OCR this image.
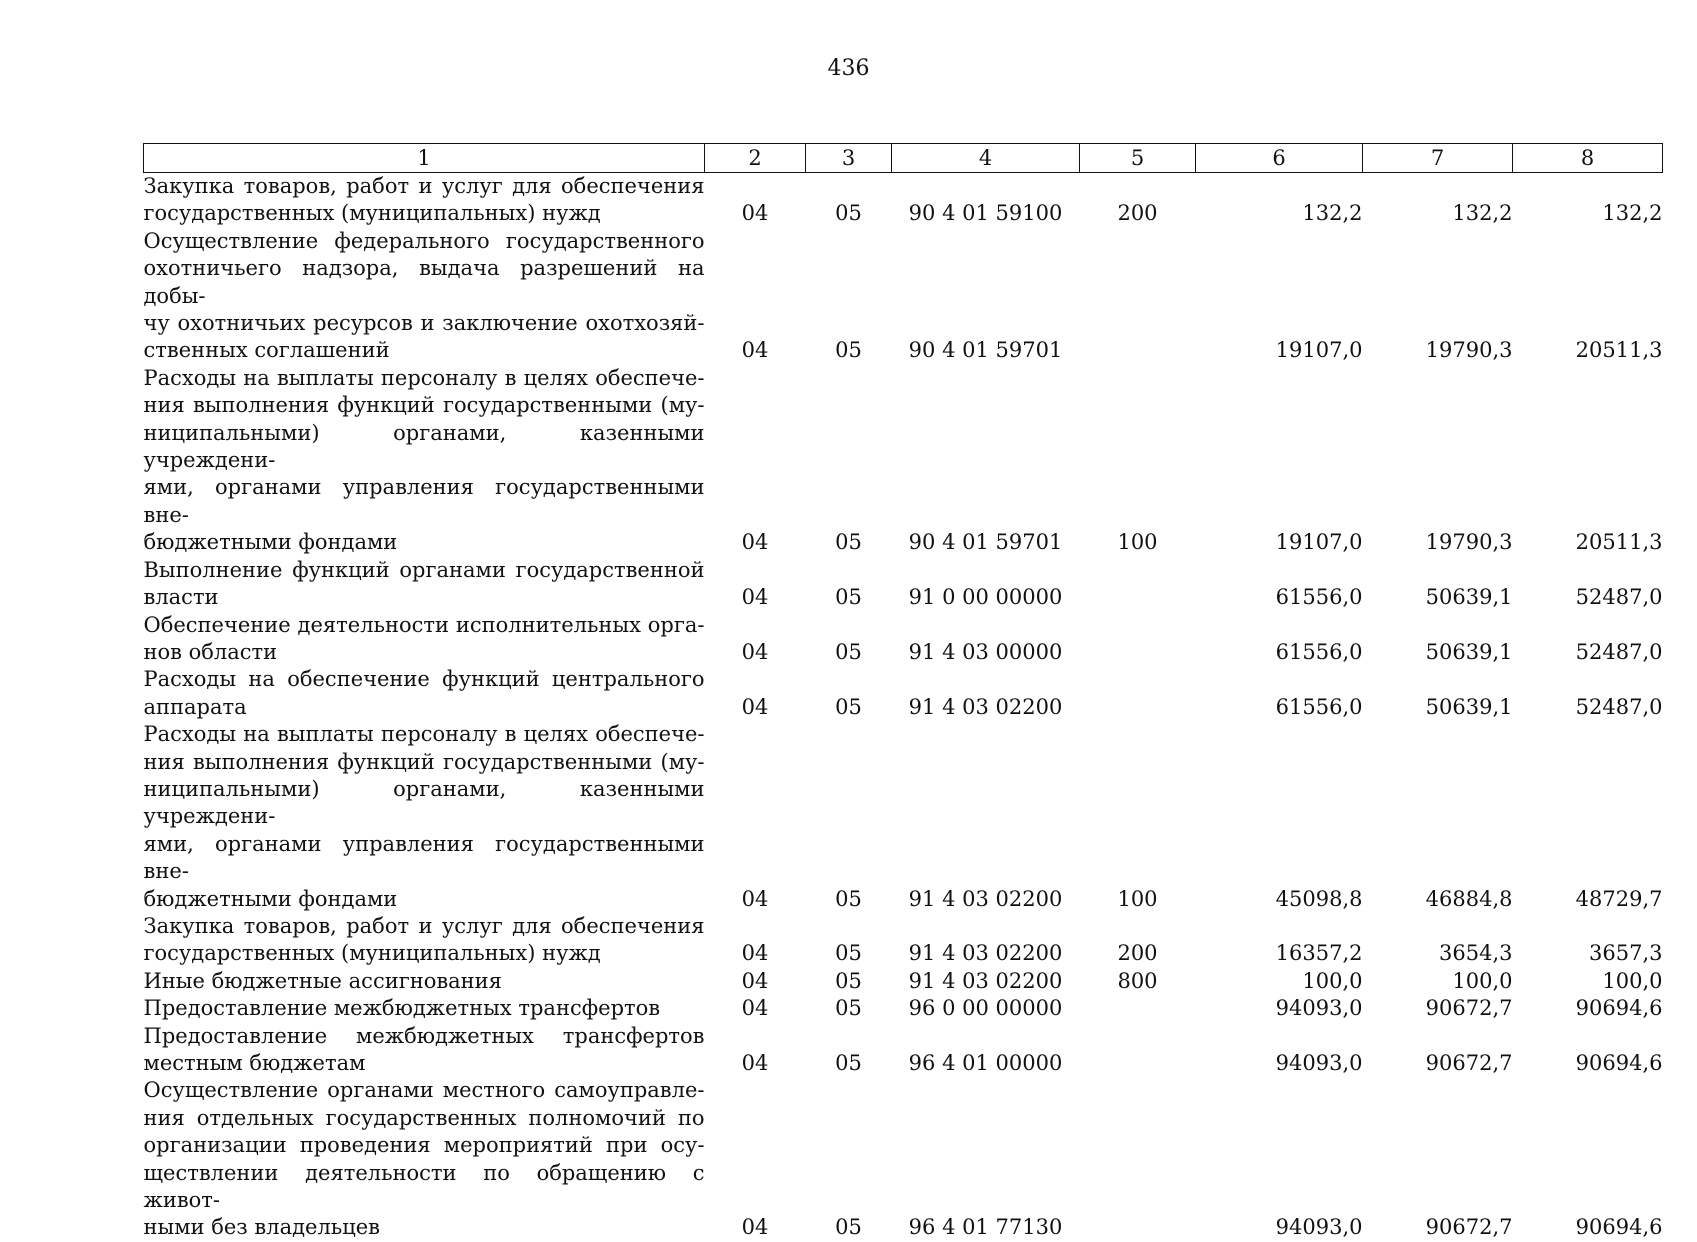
436
1	2	3	4	5	6	7	8

Закупка товаров, работ и услуг для обеспечения
государственных (муниципальных) нужд	04	05	90 4 01 59100	200	132,2	132,2	132,2

Осуществление федерального государственного
охотничьего надзора, выдача разрешений на добы-
чу охотничьих ресурсов и заключение охотхозяй-
ственных соглашений	04	05	90 4 01 59701		19107,0	19790,3	20511,3

Расходы на выплаты персоналу в целях обеспече-
ния выполнения функций государственными (му-
ниципальными) органами, казенными учреждени-
ями, органами управления государственными вне-
бюджетными фондами	04	05	90 4 01 59701	100	19107,0	19790,3	20511,3

Выполнение функций органами государственной
власти	04	05	91 0 00 00000		61556,0	50639,1	52487,0

Обеспечение деятельности исполнительных орга-
нов области	04	05	91 4 03 00000		61556,0	50639,1	52487,0

Расходы на обеспечение функций центрального
аппарата	04	05	91 4 03 02200		61556,0	50639,1	52487,0

Расходы на выплаты персоналу в целях обеспече-
ния выполнения функций государственными (му-
ниципальными) органами, казенными учреждени-
ями, органами управления государственными вне-
бюджетными фондами	04	05	91 4 03 02200	100	45098,8	46884,8	48729,7

Закупка товаров, работ и услуг для обеспечения
государственных (муниципальных) нужд	04	05	91 4 03 02200	200	16357,2	3654,3	3657,3

Иные бюджетные ассигнования	04	05	91 4 03 02200	800	100,0	100,0	100,0

Предоставление межбюджетных трансфертов	04	05	96 0 00 00000		94093,0	90672,7	90694,6

Предоставление межбюджетных трансфертов
местным бюджетам	04	05	96 4 01 00000		94093,0	90672,7	90694,6

Осуществление органами местного самоуправле-
ния отдельных государственных полномочий по
организации проведения мероприятий при осу-
ществлении деятельности по обращению с живот-
ными без владельцев	04	05	96 4 01 77130		94093,0	90672,7	90694,6
